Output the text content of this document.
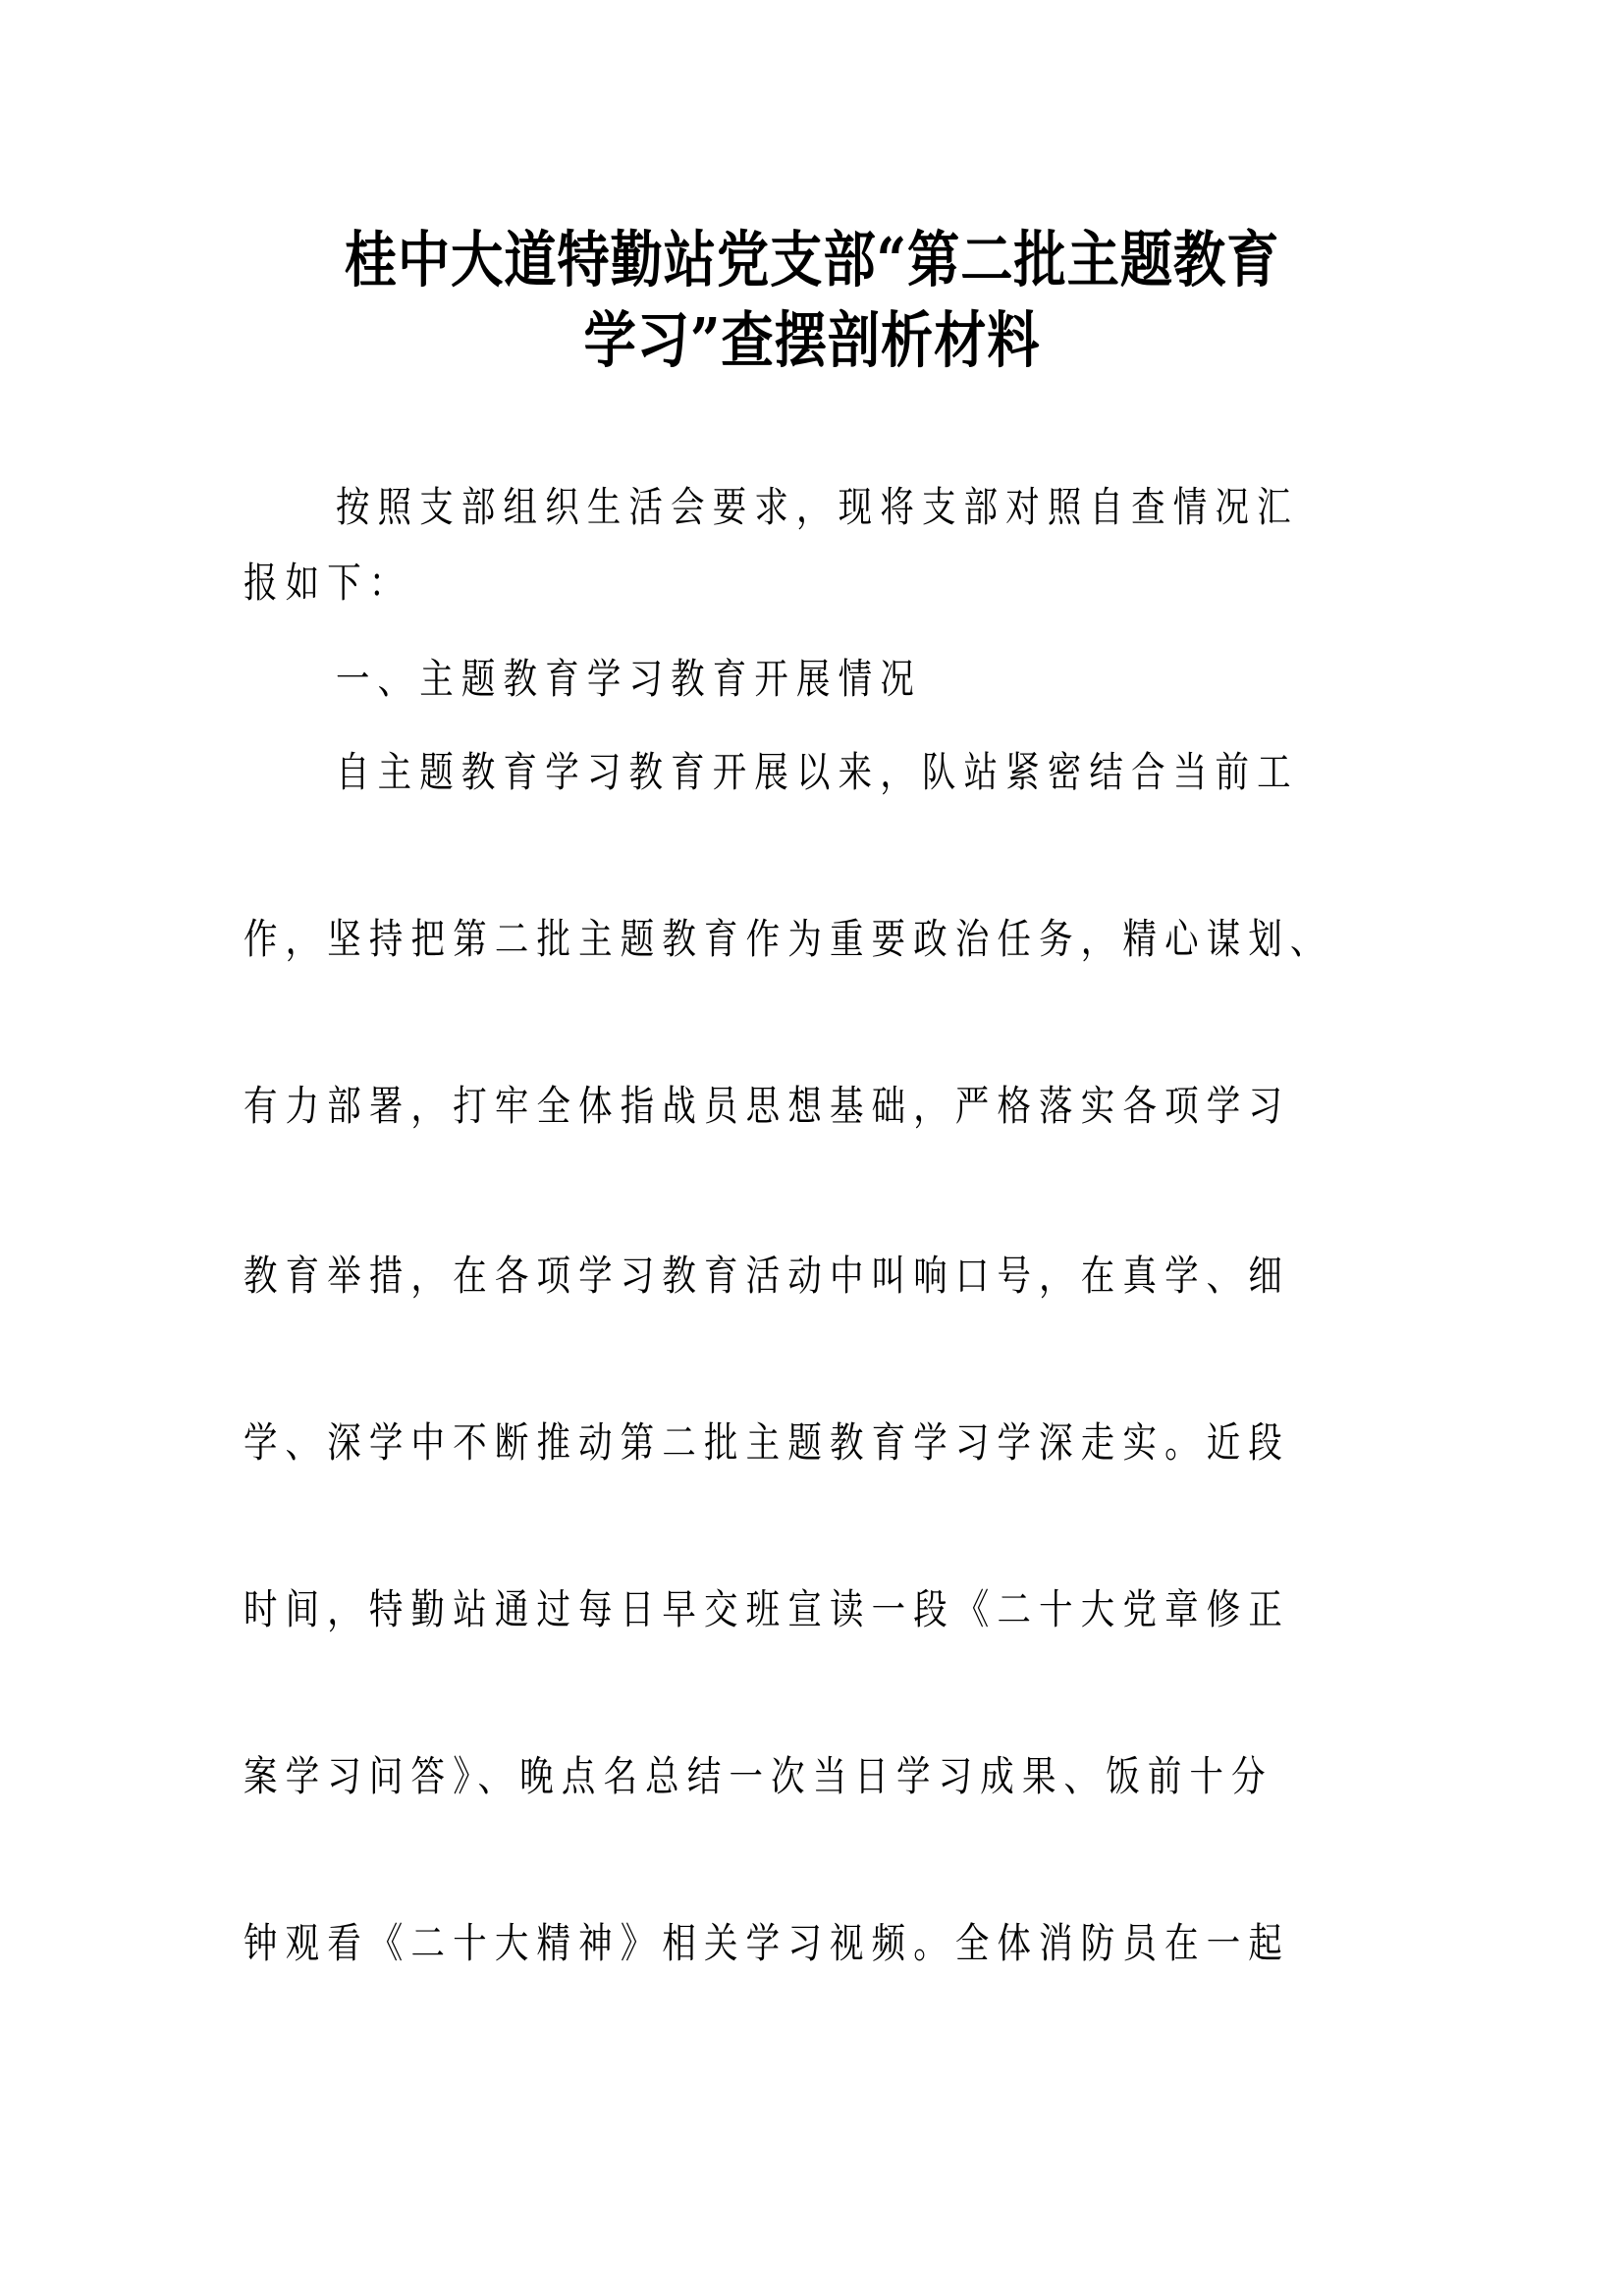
桂中大道特勤站党支部“第二批主题教育
学习”查摆剖析材料
按照支部组织生活会要求，现将支部对照自查情况汇
报如下：
一、主题教育学习教育开展情况
自主题教育学习教育开展以来，队站紧密结合当前工
作，坚持把第二批主题教育作为重要政治任务，精心谋划、
有力部署，打牢全体指战员思想基础，严格落实各项学习
教育举措，在各项学习教育活动中叫响口号，在真学、细
学、深学中不断推动第二批主题教育学习学深走实。近段
时间，特勤站通过每日早交班宣读一段《二十大党章修正
案学习问答》、晚点名总结一次当日学习成果、饭前十分
钟观看《二十大精神》相关学习视频。全体消防员在一起
